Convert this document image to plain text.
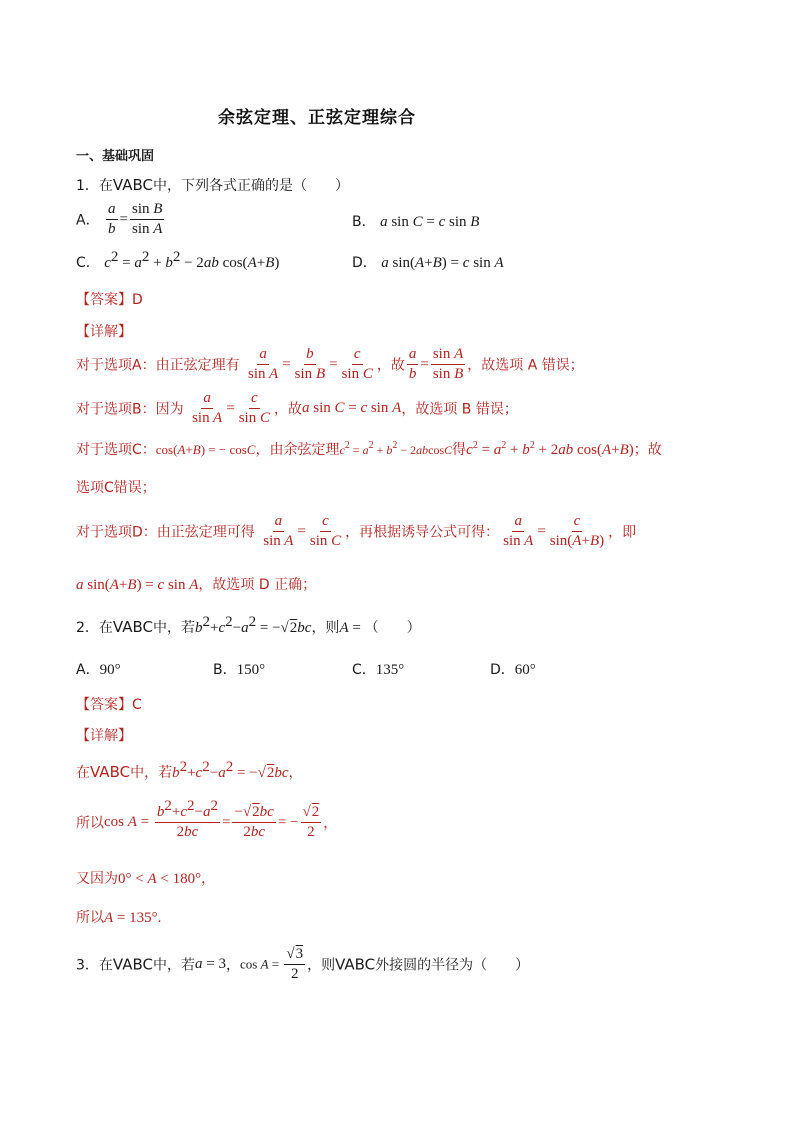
余弦定理、正弦定理综合
一、基础巩固
1．在VABC中，下列各式正确的是（　　）
A． $\frac{a}{b} = \frac{\text{sin B}}{\text{sin A}}$	B． a sin C = c sin B
C． $c^2 = a^2 + b^2 - 2ab$ cos(A+B)	D． a sin(A+B) = c sin A
【答案】D
【详解】
对于选项A：由正弦定理有 $\frac{a}{\text{sin A}} = \frac{b}{\text{sin B}} = \frac{c}{\text{sin C}}$ ，故 $\frac{a}{b} = \frac{\text{sin A}}{\text{sin B}}$ ，故选项 A 错误；
对于选项B：因为 $\frac{a}{\text{sin A}} = \frac{c}{\text{sin C}}$ ，故a sin C = c sin A，故选项 B 错误；
对于选项C：cos(A+B) = − cosC，由余弦定理$c^2 = a^2 + b^2 - 2abcosC$得$c^2 = a^2 + b^2 + 2ab$ cos(A+B)；故
选项C错误；
对于选项D：由正弦定理可得 $\frac{a}{\text{sin A}} = \frac{c}{\text{sin C}}$ ，再根据诱导公式可得： $\frac{a}{\text{sin A}} = \frac{c}{\sin(A+B)}$ ，即
a sin(A+B) = c sin A，故选项 D 正确；
2．在VABC中，若$b^2+c^2-a^2 = -√2bc$，则A = （　　）
A．90°	B．150°	C．135°	D．60°
【答案】C
【详解】
在VABC中，若$b^2+c^2-a^2 = -√2bc$，
所以$\cos A = \frac{b^2+c^2-a^2}{2bc} = \frac{-√2bc}{2bc}$ = − $\frac{√2}{2}$ ，
又因为0° < A < 180°，
所以A = 135°.
3．在VABC中，若a = 3，$\cos A = \frac{√3}{2}$ ，则VABC外接圆的半径为（　　）
